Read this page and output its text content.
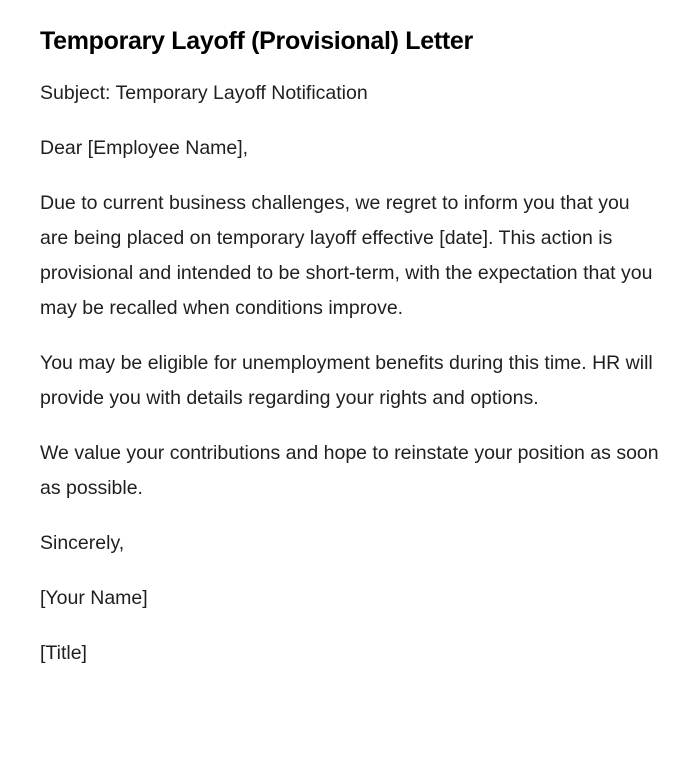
Temporary Layoff (Provisional) Letter

Subject: Temporary Layoff Notification

Dear [Employee Name],

Due to current business challenges, we regret to inform you that you are being placed on temporary layoff effective [date]. This action is provisional and intended to be short-term, with the expectation that you may be recalled when conditions improve.

You may be eligible for unemployment benefits during this time. HR will provide you with details regarding your rights and options.

We value your contributions and hope to reinstate your position as soon as possible.

Sincerely,

[Your Name]

[Title]
